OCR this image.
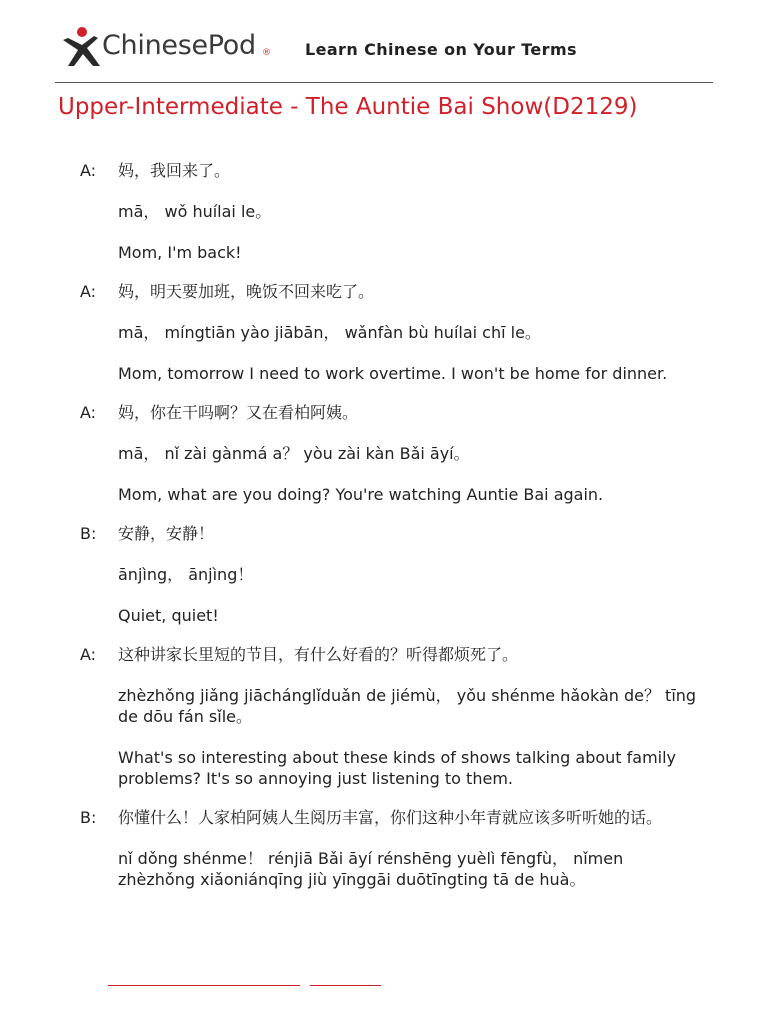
ChinesePod ® Learn Chinese on Your Terms
Upper-Intermediate - The Auntie Bai Show(D2129)
A: 妈，我回来了。
mā， wǒ huílai le。
Mom, I'm back!
A: 妈，明天要加班，晚饭不回来吃了。
mā， míngtiān yào jiābān， wǎnfàn bù huílai chī le。
Mom, tomorrow I need to work overtime. I won't be home for dinner.
A: 妈，你在干吗啊？又在看柏阿姨。
mā， nǐ zài gànmá a？ yòu zài kàn Bǎi āyí。
Mom, what are you doing? You're watching Auntie Bai again.
B: 安静，安静！
ānjìng， ānjìng！
Quiet, quiet!
A: 这种讲家长里短的节目，有什么好看的？听得都烦死了。
zhèzhǒng jiǎng jiāchánglǐduǎn de jiémù， yǒu shénme hǎokàn de？ tīng de dōu fán sǐle。
What's so interesting about these kinds of shows talking about family problems? It's so annoying just listening to them.
B: 你懂什么！人家柏阿姨人生阅历丰富，你们这种小年青就应该多听听她的话。
nǐ dǒng shénme！ rénjiā Bǎi āyí rénshēng yuèlì fēngfù， nǐmen zhèzhǒng xiǎoniánqīng jiù yīnggāi duōtīngting tā de huà。
